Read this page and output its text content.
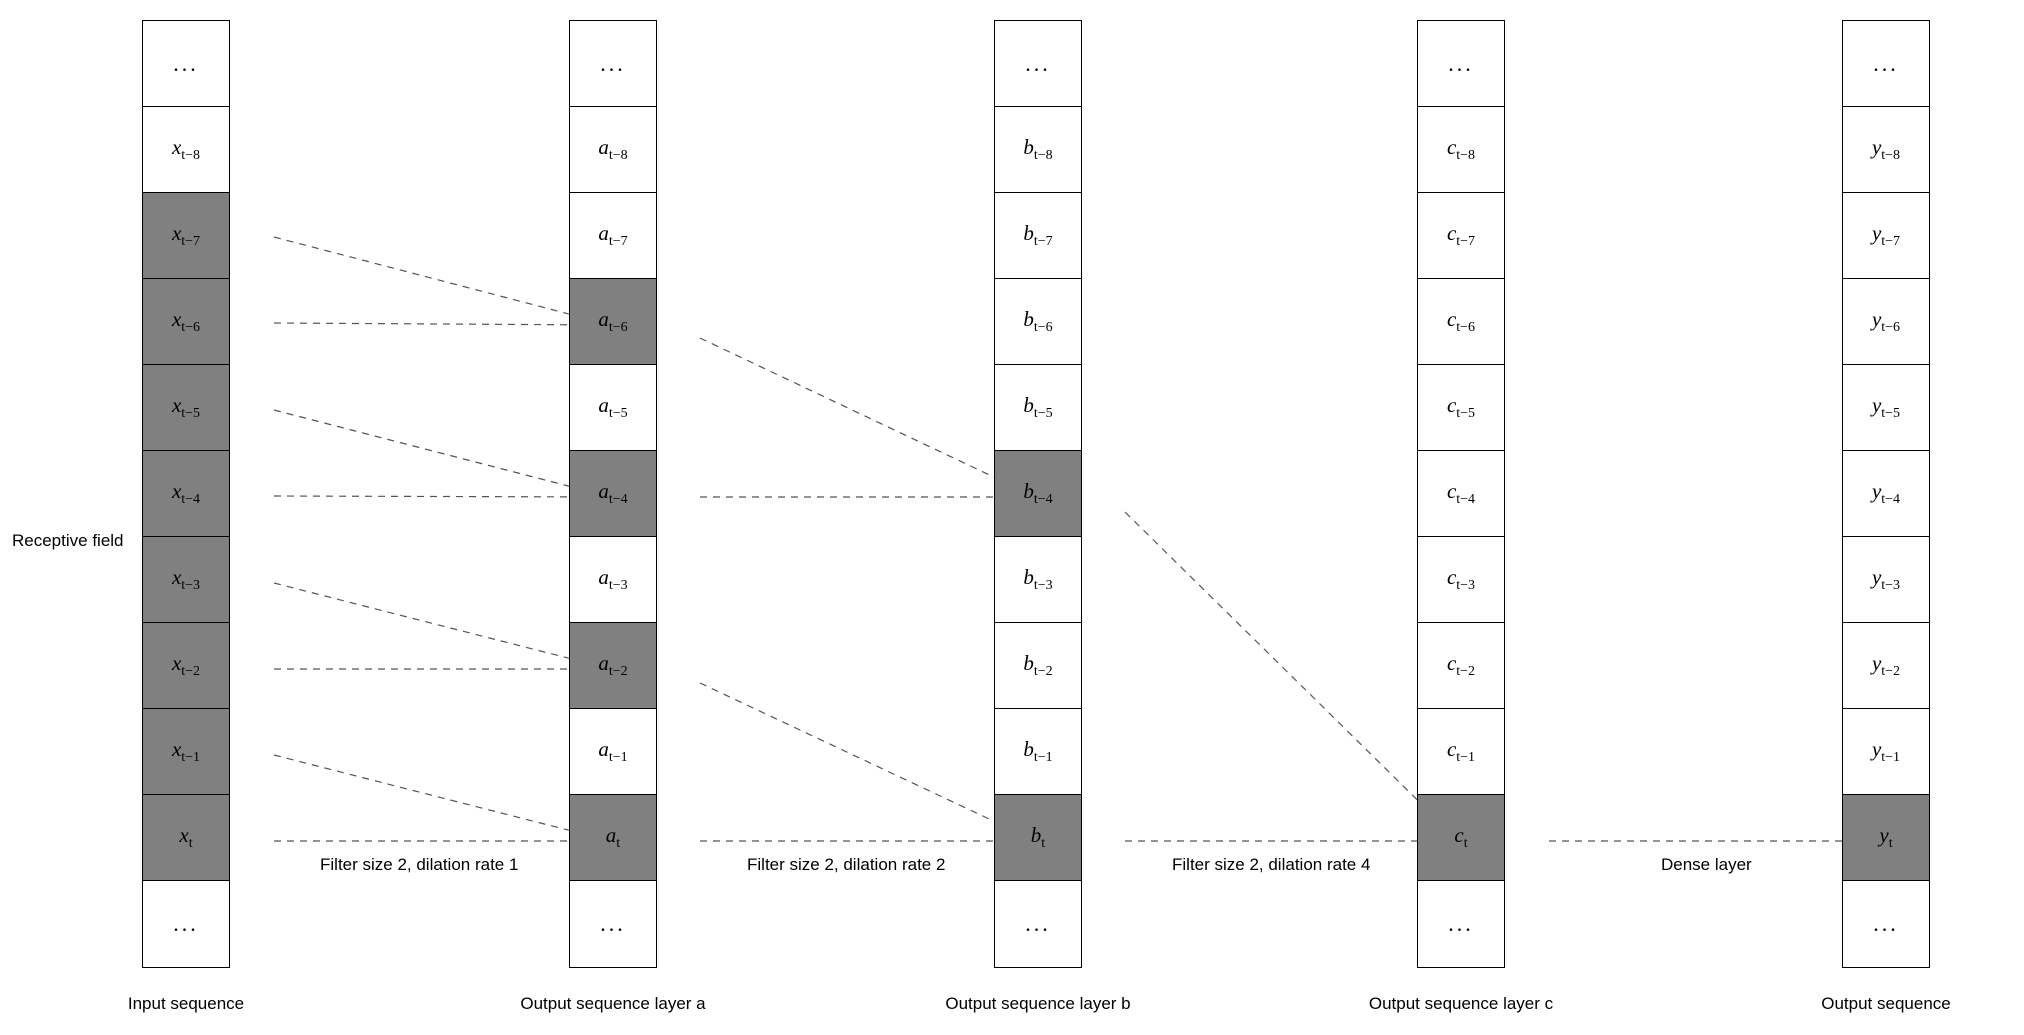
Receptive field
...
$x_{t-8}$
$x_{t-7}$
$x_{t-6}$
$x_{t-5}$
$x_{t-4}$
$x_{t-3}$
$x_{t-2}$
$x_{t-1}$
$x_t$
...
Input sequence
...
$a_{t-8}$
$a_{t-7}$
$a_{t-6}$
$a_{t-5}$
$a_{t-4}$
$a_{t-3}$
$a_{t-2}$
$a_{t-1}$
$a_t$
...
Output sequence layer a
...
$b_{t-8}$
$b_{t-7}$
$b_{t-6}$
$b_{t-5}$
$b_{t-4}$
$b_{t-3}$
$b_{t-2}$
$b_{t-1}$
$b_t$
...
Output sequence layer b
...
$c_{t-8}$
$c_{t-7}$
$c_{t-6}$
$c_{t-5}$
$c_{t-4}$
$c_{t-3}$
$c_{t-2}$
$c_{t-1}$
$c_t$
...
Output sequence layer c
...
$y_{t-8}$
$y_{t-7}$
$y_{t-6}$
$y_{t-5}$
$y_{t-4}$
$y_{t-3}$
$y_{t-2}$
$y_{t-1}$
$y_t$
...
Output sequence
Filter size 2, dilation rate 1	Filter size 2, dilation rate 2	Filter size 2, dilation rate 4	Dense layer
